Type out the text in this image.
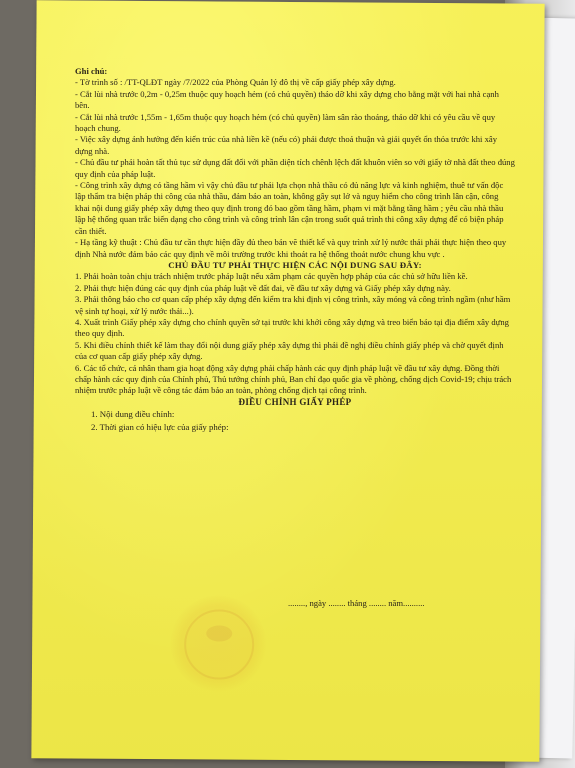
Ghi chú:

- Tờ trình số : /TT-QLĐT ngày /7/2022 của Phòng Quản lý đô thị về cấp giấy phép xây dựng.

- Cắt lùi nhà trước 0,2m - 0,25m thuộc quy hoạch hẻm (có chủ quyền) tháo dỡ khi xây dựng cho bằng mặt với hai nhà cạnh bên.

- Cắt lùi nhà trước 1,55m - 1,65m thuộc quy hoạch hẻm (có chủ quyền) làm sân rào thoáng, tháo dỡ khi có yêu cầu về quy hoạch chung.

- Việc xây dựng ảnh hưởng đến kiến trúc của nhà liền kề (nếu có) phải được thoả thuận và giải quyết ổn thỏa trước khi xây dựng nhà.

- Chủ đầu tư phải hoàn tất thủ tục sử dụng đất đối với phần diện tích chênh lệch đất khuôn viên so với giấy tờ nhà đất theo đúng quy định của pháp luật.

- Công trình xây dựng có tầng hầm vì vậy chủ đầu tư phải lựa chọn nhà thầu có đủ năng lực và kinh nghiệm, thuê tư vấn độc lập thẩm tra biện pháp thi công của nhà thầu, đảm bảo an toàn, không gây sụt lở và nguy hiểm cho công trình lân cận, công khai nội dung giấy phép xây dựng theo quy định trong đó bao gồm tầng hầm, phạm vi mặt bằng tầng hầm ; yêu cầu nhà thầu lập hệ thống quan trắc biến dạng cho công trình và công trình lân cận trong suốt quá trình thi công xây dựng để có biện pháp cần thiết.

- Hạ tầng kỹ thuật : Chủ đầu tư cần thực hiện đầy đủ theo bản vẽ thiết kế và quy trình xử lý nước thải phải thực hiện theo quy định Nhà nước đảm bảo các quy định về môi trường trước khi thoát ra hệ thống thoát nước chung khu vực .

CHỦ ĐẦU TƯ PHẢI THỰC HIỆN CÁC NỘI DUNG SAU ĐÂY:

1. Phải hoàn toàn chịu trách nhiệm trước pháp luật nếu xâm phạm các quyền hợp pháp của các chủ sở hữu liền kề.

2. Phải thực hiện đúng các quy định của pháp luật về đất đai, về đầu tư xây dựng và Giấy phép xây dựng này.

3. Phải thông báo cho cơ quan cấp phép xây dựng đến kiểm tra khi định vị công trình, xây móng và công trình ngầm (như hầm vệ sinh tự hoại, xử lý nước thải...).

4. Xuất trình Giấy phép xây dựng cho chính quyền sở tại trước khi khởi công xây dựng và treo biển báo tại địa điểm xây dựng theo quy định.

5. Khi điều chỉnh thiết kế làm thay đổi nội dung giấy phép xây dựng thì phải đề nghị điều chỉnh giấy phép và chờ quyết định của cơ quan cấp giấy phép xây dựng.

6. Các tổ chức, cá nhân tham gia hoạt động xây dựng phải chấp hành các quy định pháp luật về đầu tư xây dựng. Đồng thời chấp hành các quy định của Chính phủ, Thủ tướng chính phủ, Ban chỉ đạo quốc gia về phòng, chống dịch Covid-19; chịu trách nhiệm trước pháp luật về công tác đảm bảo an toàn, phòng chống dịch tại công trình.

ĐIỀU CHỈNH GIẤY PHÉP

1. Nội dung điều chỉnh:

2. Thời gian có hiệu lực của giấy phép:

........, ngày ........ tháng ........ năm..........
